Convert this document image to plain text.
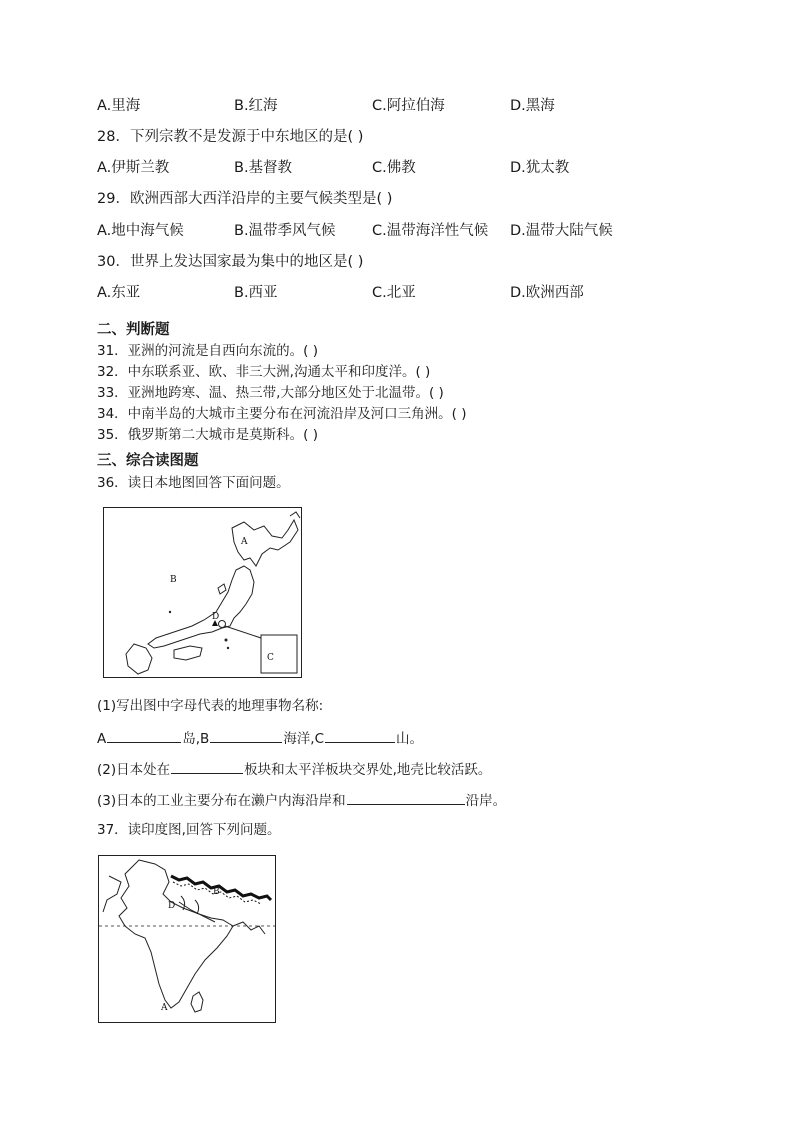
A.里海	B.红海	C.阿拉伯海	D.黑海
28．下列宗教不是发源于中东地区的是( )
A.伊斯兰教	B.基督教	C.佛教	D.犹太教
29．欧洲西部大西洋沿岸的主要气候类型是( )
A.地中海气候	B.温带季风气候	C.温带海洋性气候 D.温带大陆气候
30．世界上发达国家最为集中的地区是( )
A.东亚	B.西亚	C.北亚	D.欧洲西部
二、判断题
31．亚洲的河流是自西向东流的。( )
32．中东联系亚、欧、非三大洲,沟通太平和印度洋。( )
33．亚洲地跨寒、温、热三带,大部分地区处于北温带。( )
34．中南半岛的大城市主要分布在河流沿岸及河口三角洲。( )
35．俄罗斯第二大城市是莫斯科。( )
三、综合读图题
36．读日本地图回答下面问题。
A
B
C
D
(1)写出图中字母代表的地理事物名称:
A	岛,B	海洋,C	山。
(2)日本处在	板块和太平洋板块交界处,地壳比较活跃。
(3)日本的工业主要分布在濑户内海沿岸和	沿岸。
37．读印度图,回答下列问题。
B
D
A
